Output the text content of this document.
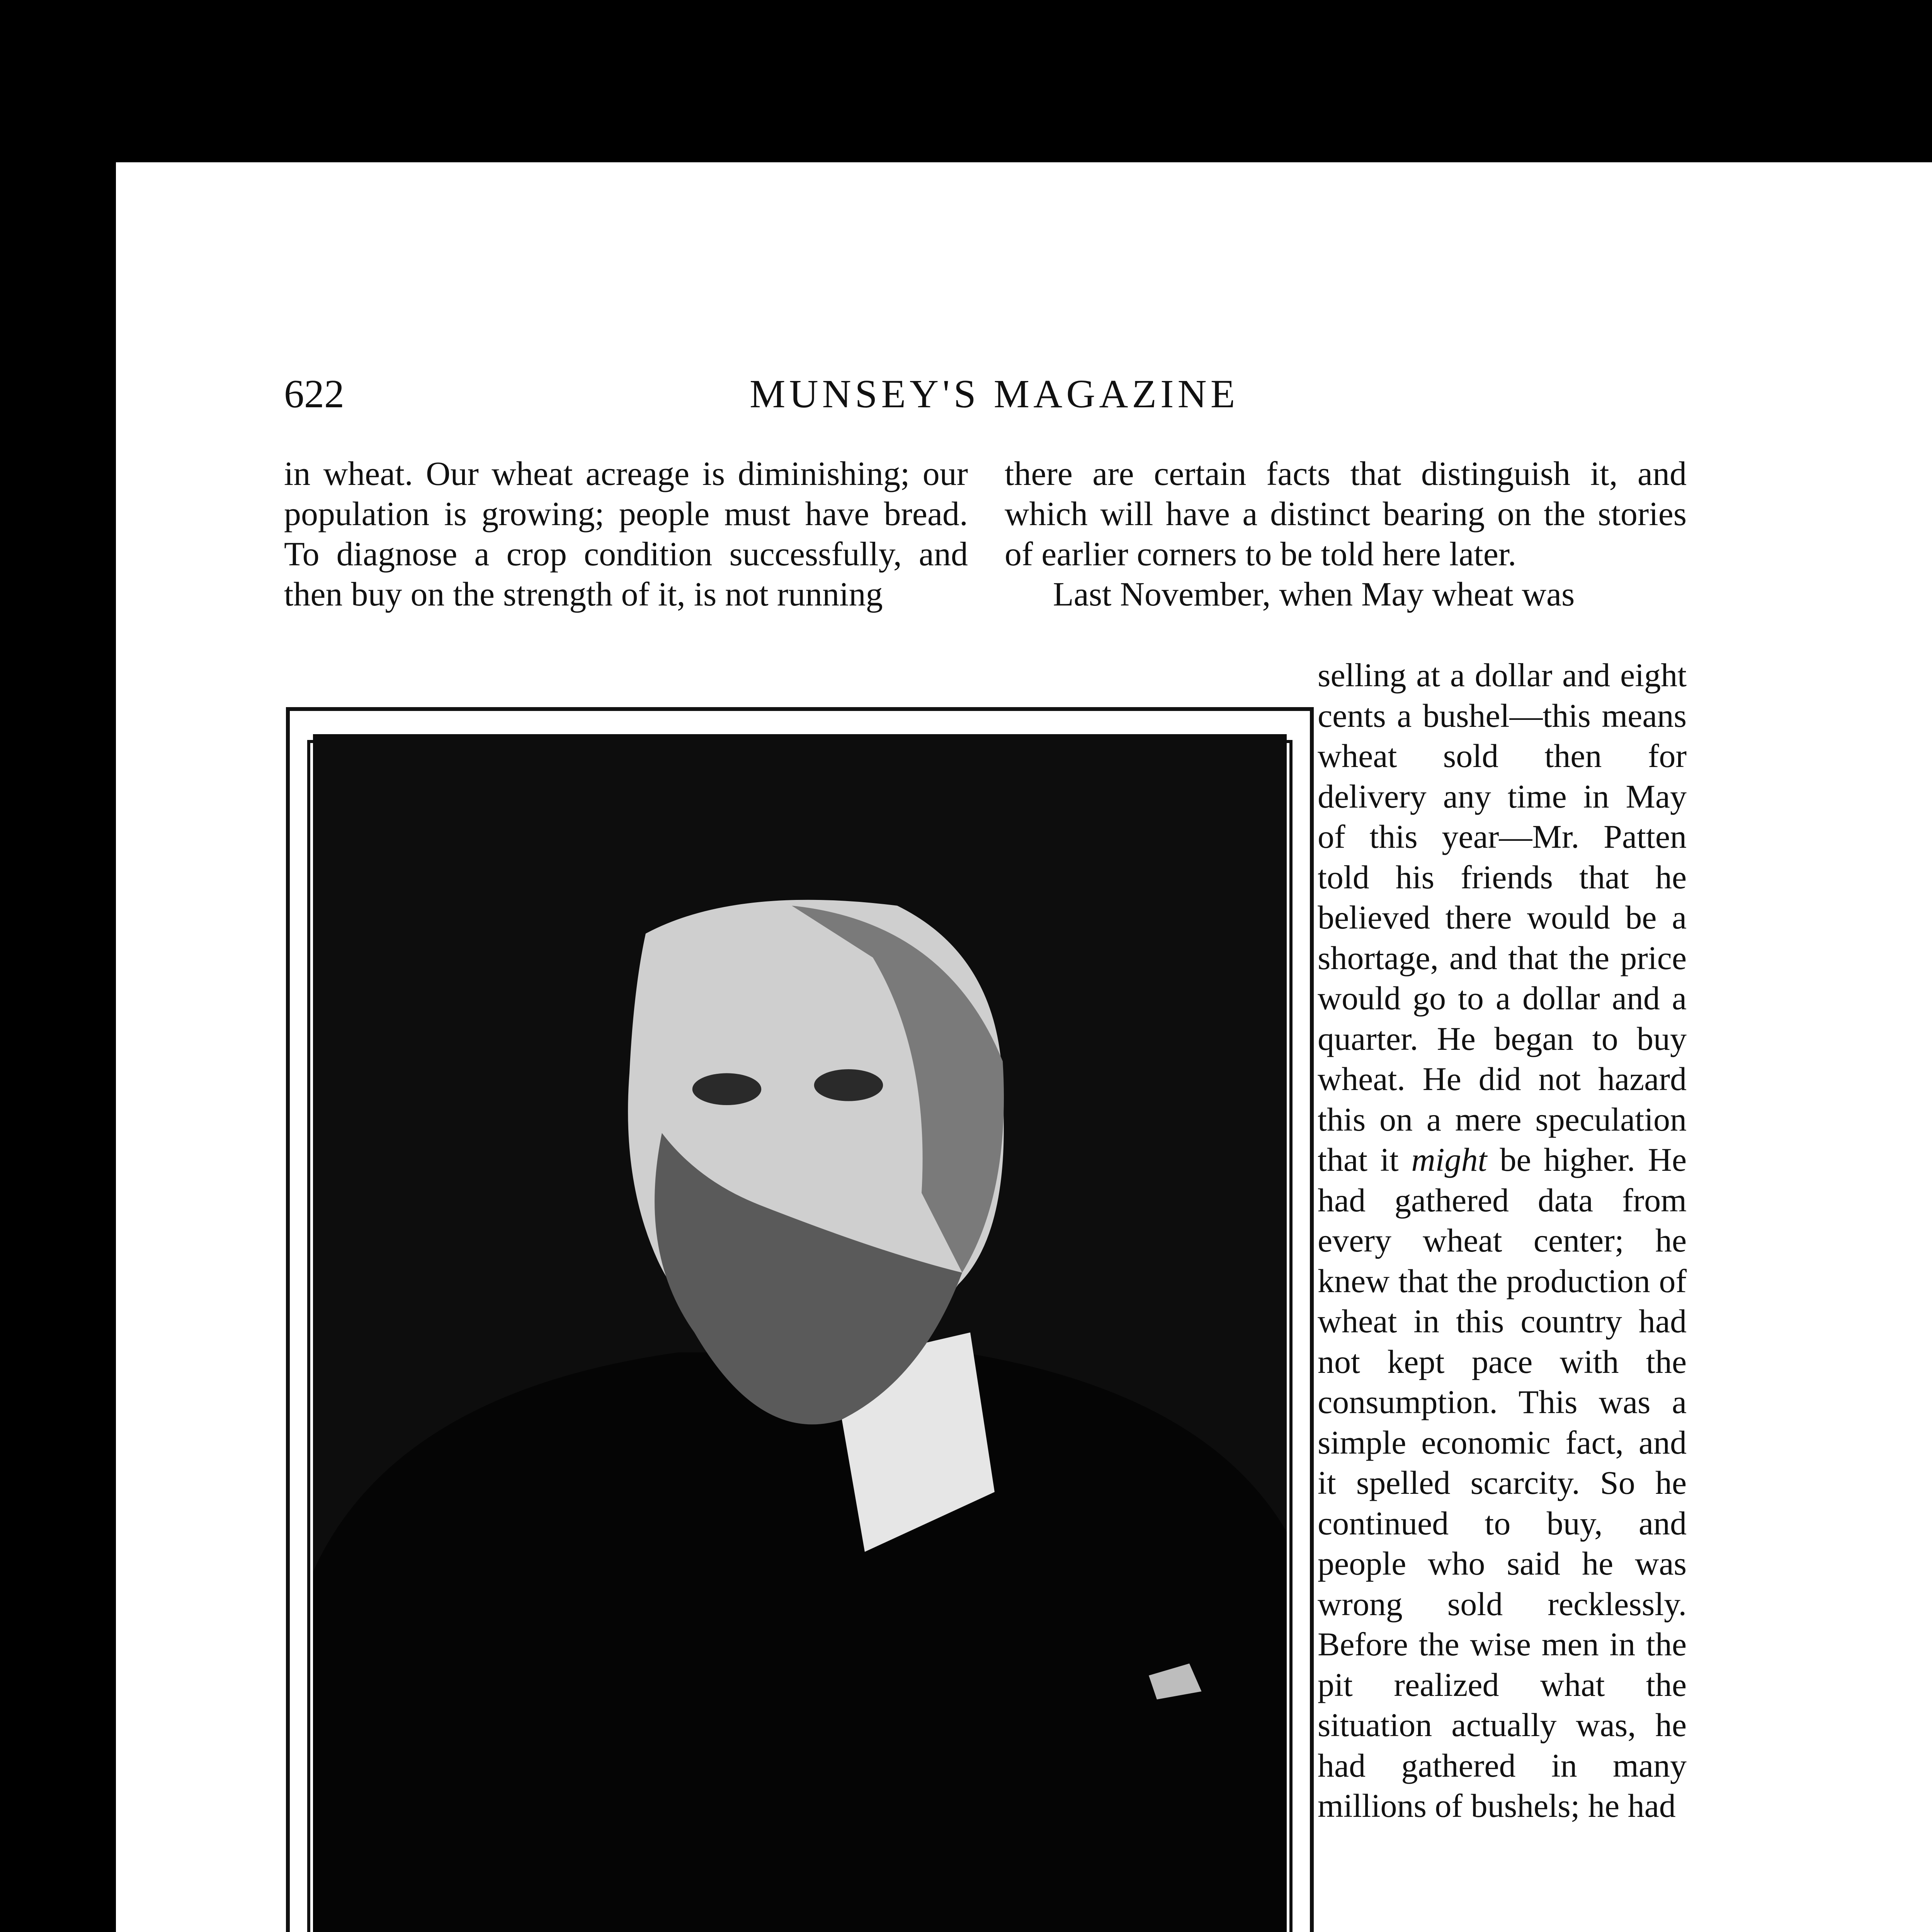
622	MUNSEY'S MAGAZINE

in wheat. Our wheat acreage is diminishing; our population is growing; people must have bread. To diagnose a crop condition successfully, and then buy on the strength of it, is not running

there are certain facts that distinguish it, and which will have a distinct bearing on the stories of earlier corners to be told here later.

Last November, when May wheat was

selling at a dollar and eight cents a bushel—this means wheat sold then for delivery any time in May of this year—Mr. Patten told his friends that he believed there would be a shortage, and that the price would go to a dollar and a quarter. He began to buy wheat. He did not hazard this on a mere speculation that it might be higher. He had gathered data from every wheat center; he knew that the production of wheat in this country had not kept pace with the consumption. This was a simple economic fact, and it spelled scarcity. So he continued to buy, and people who said he was wrong sold recklessly. Before the wise men in the pit realized what the situation actually was, he had gathered in many millions of bushels; he had
